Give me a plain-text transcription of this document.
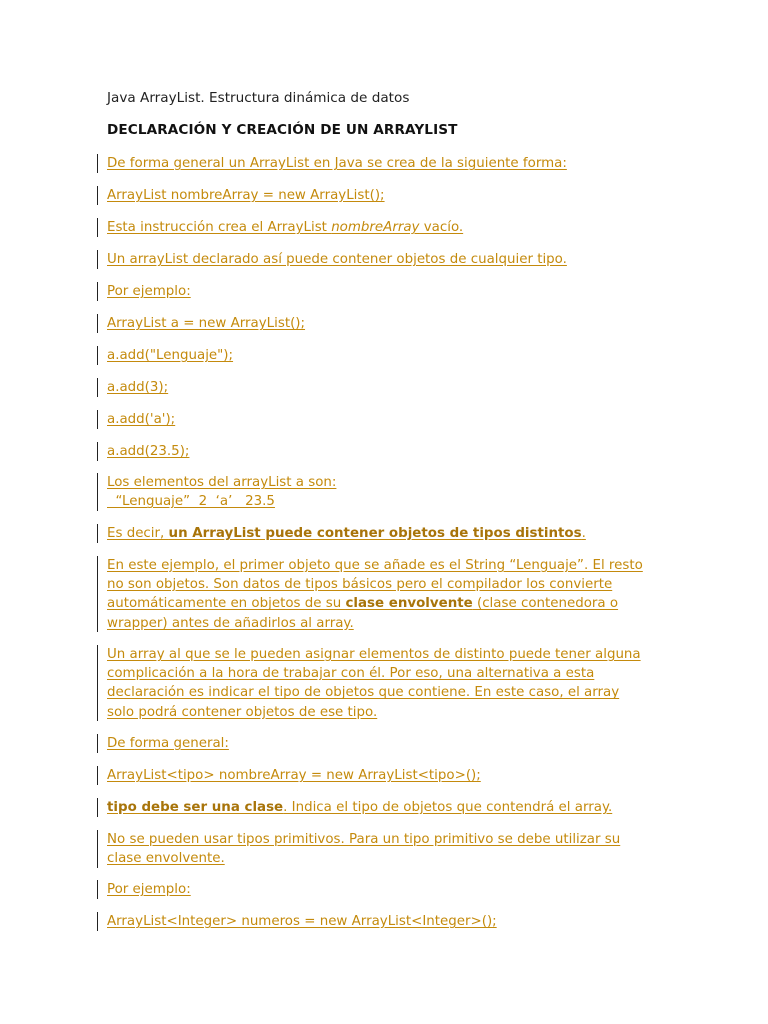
Java ArrayList. Estructura dinámica de datos
DECLARACIÓN Y CREACIÓN DE UN ARRAYLIST
De forma general un ArrayList en Java se crea de la siguiente forma:
ArrayList nombreArray = new ArrayList();
Esta instrucción crea el ArrayList nombreArray vacío.
Un arrayList declarado así puede contener objetos de cualquier tipo.
Por ejemplo:
ArrayList a = new ArrayList();
a.add("Lenguaje");
a.add(3);
a.add('a');
a.add(23.5);
Los elementos del arrayList a son:
“Lenguaje”  2  ‘a’   23.5
Es decir, un ArrayList puede contener objetos de tipos distintos.
En este ejemplo, el primer objeto que se añade es el String “Lenguaje”. El resto
no son objetos. Son datos de tipos básicos pero el compilador los convierte
automáticamente en objetos de su clase envolvente (clase contenedora o
wrapper) antes de añadirlos al array.
Un array al que se le pueden asignar elementos de distinto puede tener alguna
complicación a la hora de trabajar con él. Por eso, una alternativa a esta
declaración es indicar el tipo de objetos que contiene. En este caso, el array
solo podrá contener objetos de ese tipo.
De forma general:
ArrayList<tipo> nombreArray = new ArrayList<tipo>();
tipo debe ser una clase. Indica el tipo de objetos que contendrá el array.
No se pueden usar tipos primitivos. Para un tipo primitivo se debe utilizar su
clase envolvente.
Por ejemplo:
ArrayList<Integer> numeros = new ArrayList<Integer>();
